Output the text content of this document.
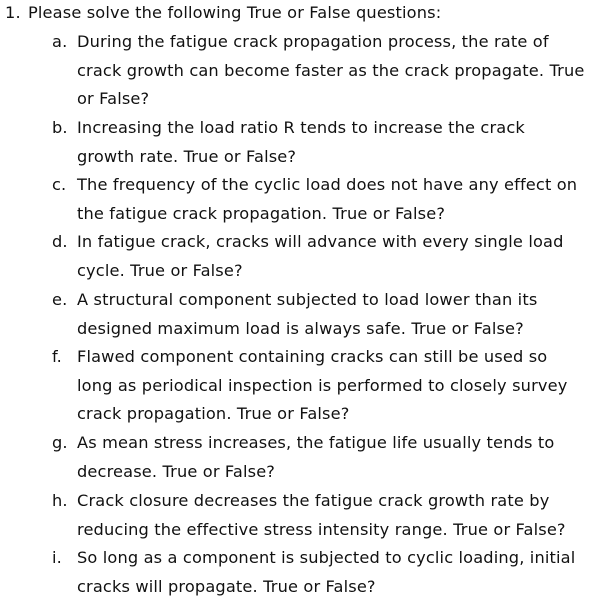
1. Please solve the following True or False questions:
a. During the fatigue crack propagation process, the rate of
crack growth can become faster as the crack propagate. True
or False?
b. Increasing the load ratio R tends to increase the crack
growth rate. True or False?
c. The frequency of the cyclic load does not have any effect on
the fatigue crack propagation. True or False?
d. In fatigue crack, cracks will advance with every single load
cycle. True or False?
e. A structural component subjected to load lower than its
designed maximum load is always safe. True or False?
f. Flawed component containing cracks can still be used so
long as periodical inspection is performed to closely survey
crack propagation. True or False?
g. As mean stress increases, the fatigue life usually tends to
decrease. True or False?
h. Crack closure decreases the fatigue crack growth rate by
reducing the effective stress intensity range. True or False?
i. So long as a component is subjected to cyclic loading, initial
cracks will propagate. True or False?
